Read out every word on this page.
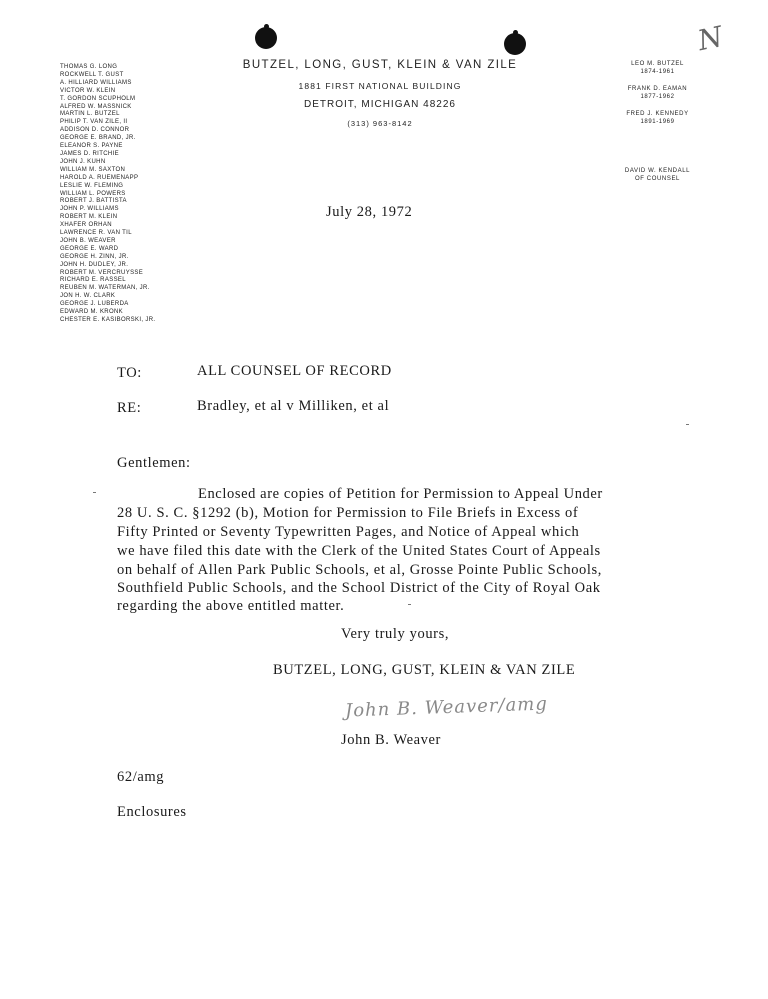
N
THOMAS G. LONG
ROCKWELL T. GUST
A. HILLIARD WILLIAMS
VICTOR W. KLEIN
T. GORDON SCUPHOLM
ALFRED W. MASSNICK
MARTIN L. BUTZEL
PHILIP T. VAN ZILE, II
ADDISON D. CONNOR
GEORGE E. BRAND, JR.
ELEANOR S. PAYNE
JAMES D. RITCHIE
JOHN J. KUHN
WILLIAM M. SAXTON
HAROLD A. RUEMENAPP
LESLIE W. FLEMING
WILLIAM L. POWERS
ROBERT J. BATTISTA
JOHN P. WILLIAMS
ROBERT M. KLEIN
XHAFER ORHAN
LAWRENCE R. VAN TIL
JOHN B. WEAVER
GEORGE E. WARD
GEORGE H. ZINN, JR.
JOHN H. DUDLEY, JR.
ROBERT M. VERCRUYSSE
RICHARD E. RASSEL
REUBEN M. WATERMAN, JR.
JON H. W. CLARK
GEORGE J. LUBERDA
EDWARD M. KRONK
CHESTER E. KASIBORSKI, JR.
BUTZEL, LONG, GUST, KLEIN & VAN ZILE
1881 FIRST NATIONAL BUILDING
DETROIT, MICHIGAN 48226
(313) 963-8142
LEO M. BUTZEL
1874-1961
FRANK D. EAMAN
1877-1962
FRED J. KENNEDY
1891-1969
DAVID W. KENDALL
OF COUNSEL
July 28, 1972
TO:	ALL COUNSEL OF RECORD
RE:	Bradley, et al v Milliken, et al
Gentlemen:
Enclosed are copies of Petition for Permission to Appeal Under
28 U. S. C. §1292 (b), Motion for Permission to File Briefs in Excess of
Fifty Printed or Seventy Typewritten Pages, and Notice of Appeal which
we have filed this date with the Clerk of the United States Court of Appeals
on behalf of Allen Park Public Schools, et al, Grosse Pointe Public Schools,
Southfield Public Schools, and the School District of the City of Royal Oak
regarding the above entitled matter.
Very truly yours,
BUTZEL, LONG, GUST, KLEIN & VAN ZILE
John B. Weaver/amg
John B. Weaver
62/amg
Enclosures
